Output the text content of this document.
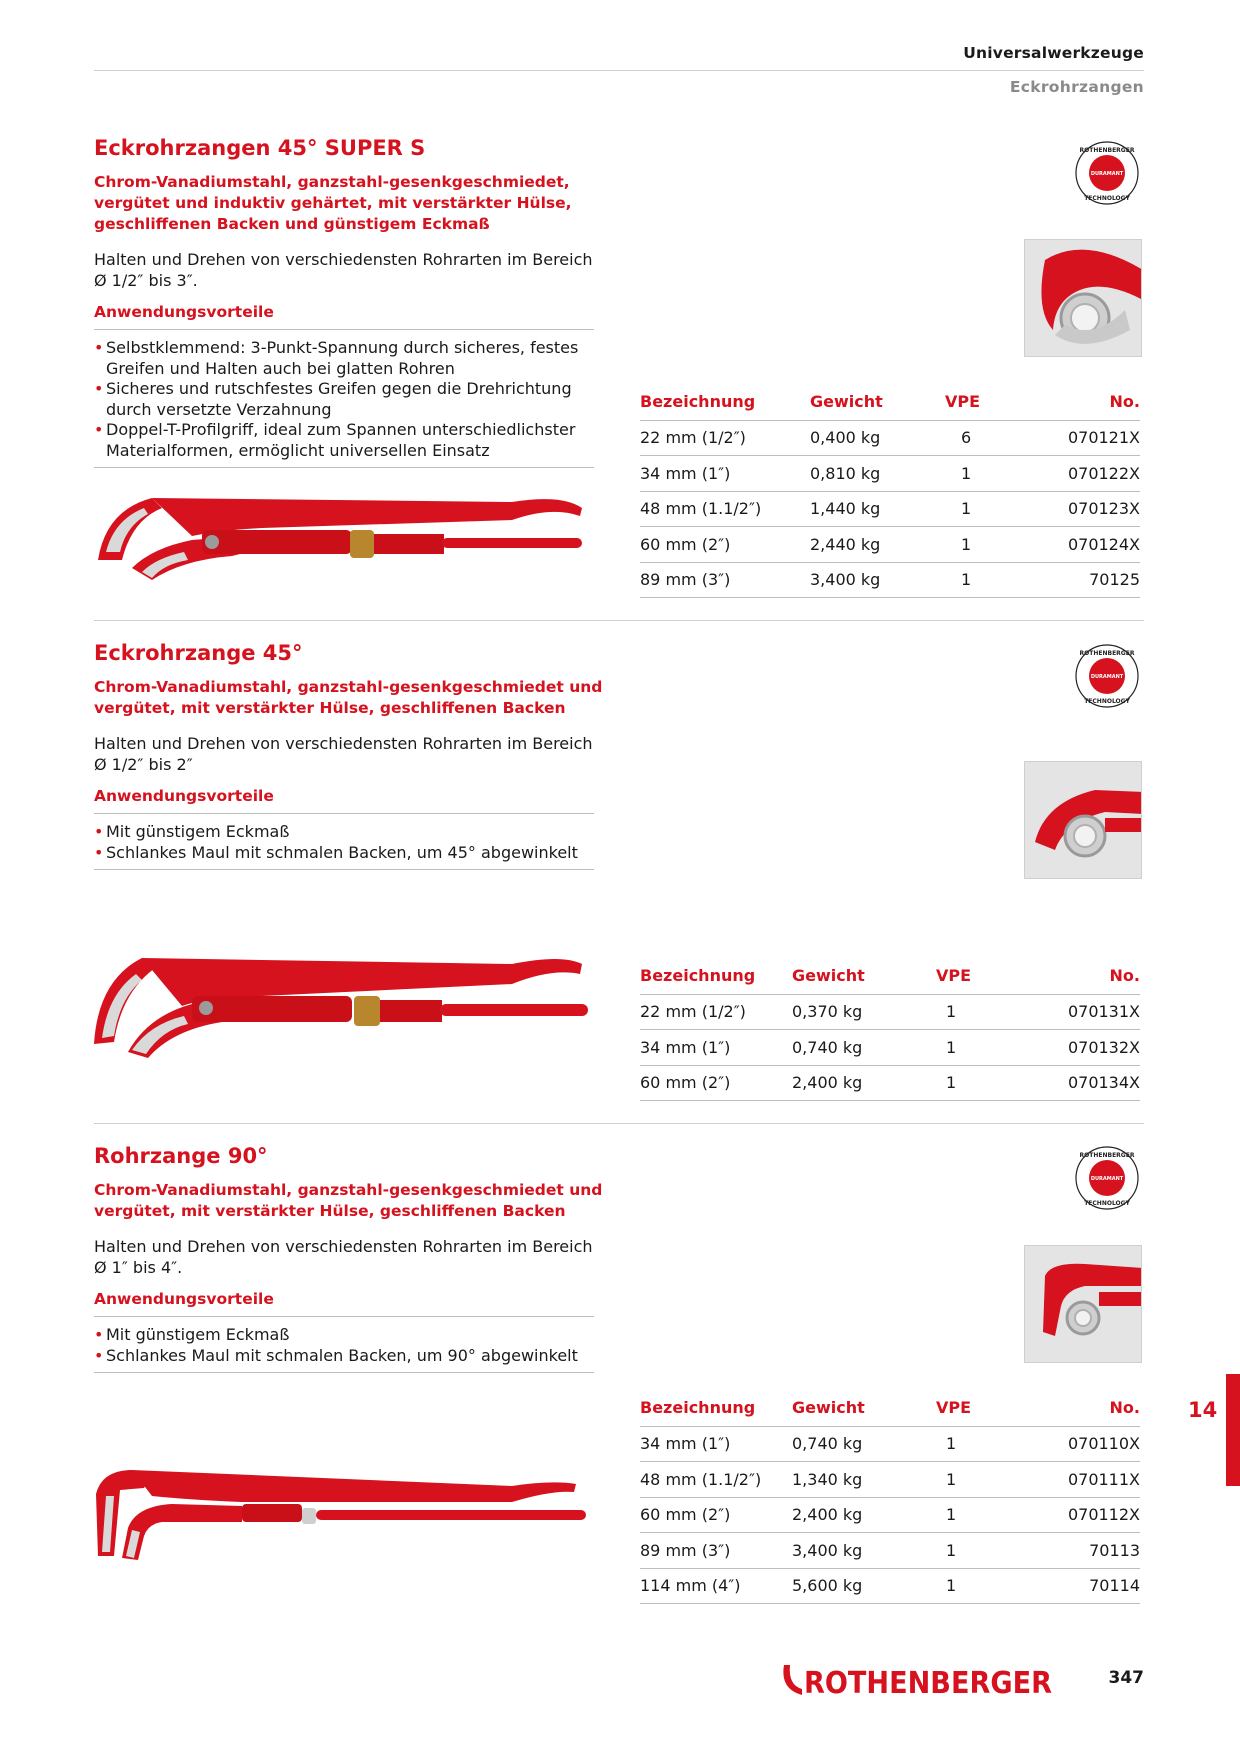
Universalwerkzeuge
Eckrohrzangen
Eckrohrzangen 45° SUPER S
Chrom-Vanadiumstahl, ganzstahl-gesenkgeschmiedet, vergütet und induktiv gehärtet, mit verstärkter Hülse, geschliffenen Backen und günstigem Eckmaß
Halten und Drehen von verschiedensten Rohrarten im Bereich Ø 1/2″ bis 3″.
Anwendungsvorteile
• Selbstklemmend: 3-Punkt-Spannung durch sicheres, festes Greifen und Halten auch bei glatten Rohren
• Sicheres und rutschfestes Greifen gegen die Drehrichtung durch versetzte Verzahnung
• Doppel-T-Profilgriff, ideal zum Spannen unterschiedlichster Materialformen, ermöglicht universellen Einsatz
ROTHENBERGER
DURAMANT
TECHNOLOGY
Bezeichnung	Gewicht	VPE	No.
22 mm (1/2″)	0,400 kg	6	070121X
34 mm (1″)	0,810 kg	1	070122X
48 mm (1.1/2″)	1,440 kg	1	070123X
60 mm (2″)	2,440 kg	1	070124X
89 mm (3″)	3,400 kg	1	70125
Eckrohrzange 45°
Chrom-Vanadiumstahl, ganzstahl-gesenkgeschmiedet und vergütet, mit verstärkter Hülse, geschliffenen Backen
Halten und Drehen von verschiedensten Rohrarten im Bereich Ø 1/2″ bis 2″
Anwendungsvorteile
• Mit günstigem Eckmaß
• Schlankes Maul mit schmalen Backen, um 45° abgewinkelt
ROTHENBERGER
DURAMANT
TECHNOLOGY
Bezeichnung	Gewicht	VPE	No.
22 mm (1/2″)	0,370 kg	1	070131X
34 mm (1″)	0,740 kg	1	070132X
60 mm (2″)	2,400 kg	1	070134X
Rohrzange 90°
Chrom-Vanadiumstahl, ganzstahl-gesenkgeschmiedet und vergütet, mit verstärkter Hülse, geschliffenen Backen
Halten und Drehen von verschiedensten Rohrarten im Bereich Ø 1″ bis 4″.
Anwendungsvorteile
• Mit günstigem Eckmaß
• Schlankes Maul mit schmalen Backen, um 90° abgewinkelt
ROTHENBERGER
DURAMANT
TECHNOLOGY
Bezeichnung	Gewicht	VPE	No.
34 mm (1″)	0,740 kg	1	070110X
48 mm (1.1/2″)	1,340 kg	1	070111X
60 mm (2″)	2,400 kg	1	070112X
89 mm (3″)	3,400 kg	1	70113
114 mm (4″)	5,600 kg	1	70114
14
ROTHENBERGER	347
